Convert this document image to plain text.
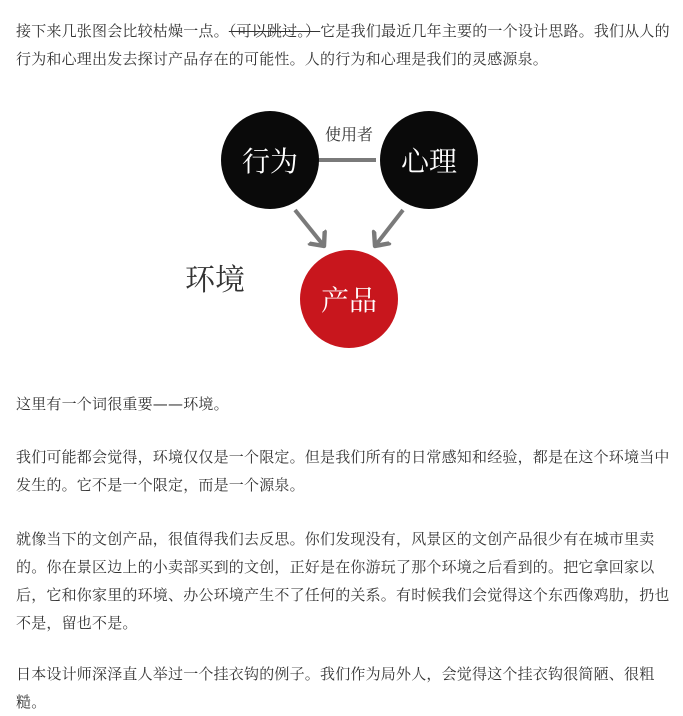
接下来几张图会比较枯燥一点。（可以跳过。）它是我们最近几年主要的一个设计思路。我们从人的行为和心理出发去探讨产品存在的可能性。人的行为和心理是我们的灵感源泉。

使用者
行为	心理
产品
环境

这里有一个词很重要——环境。

我们可能都会觉得，环境仅仅是一个限定。但是我们所有的日常感知和经验，都是在这个环境当中发生的。它不是一个限定，而是一个源泉。

就像当下的文创产品，很值得我们去反思。你们发现没有，风景区的文创产品很少有在城市里卖的。你在景区边上的小卖部买到的文创，正好是在你游玩了那个环境之后看到的。把它拿回家以后，它和你家里的环境、办公环境产生不了任何的关系。有时候我们会觉得这个东西像鸡肋，扔也不是，留也不是。

日本设计师深泽直人举过一个挂衣钩的例子。我们作为局外人，会觉得这个挂衣钩很简陋、很粗糙。
